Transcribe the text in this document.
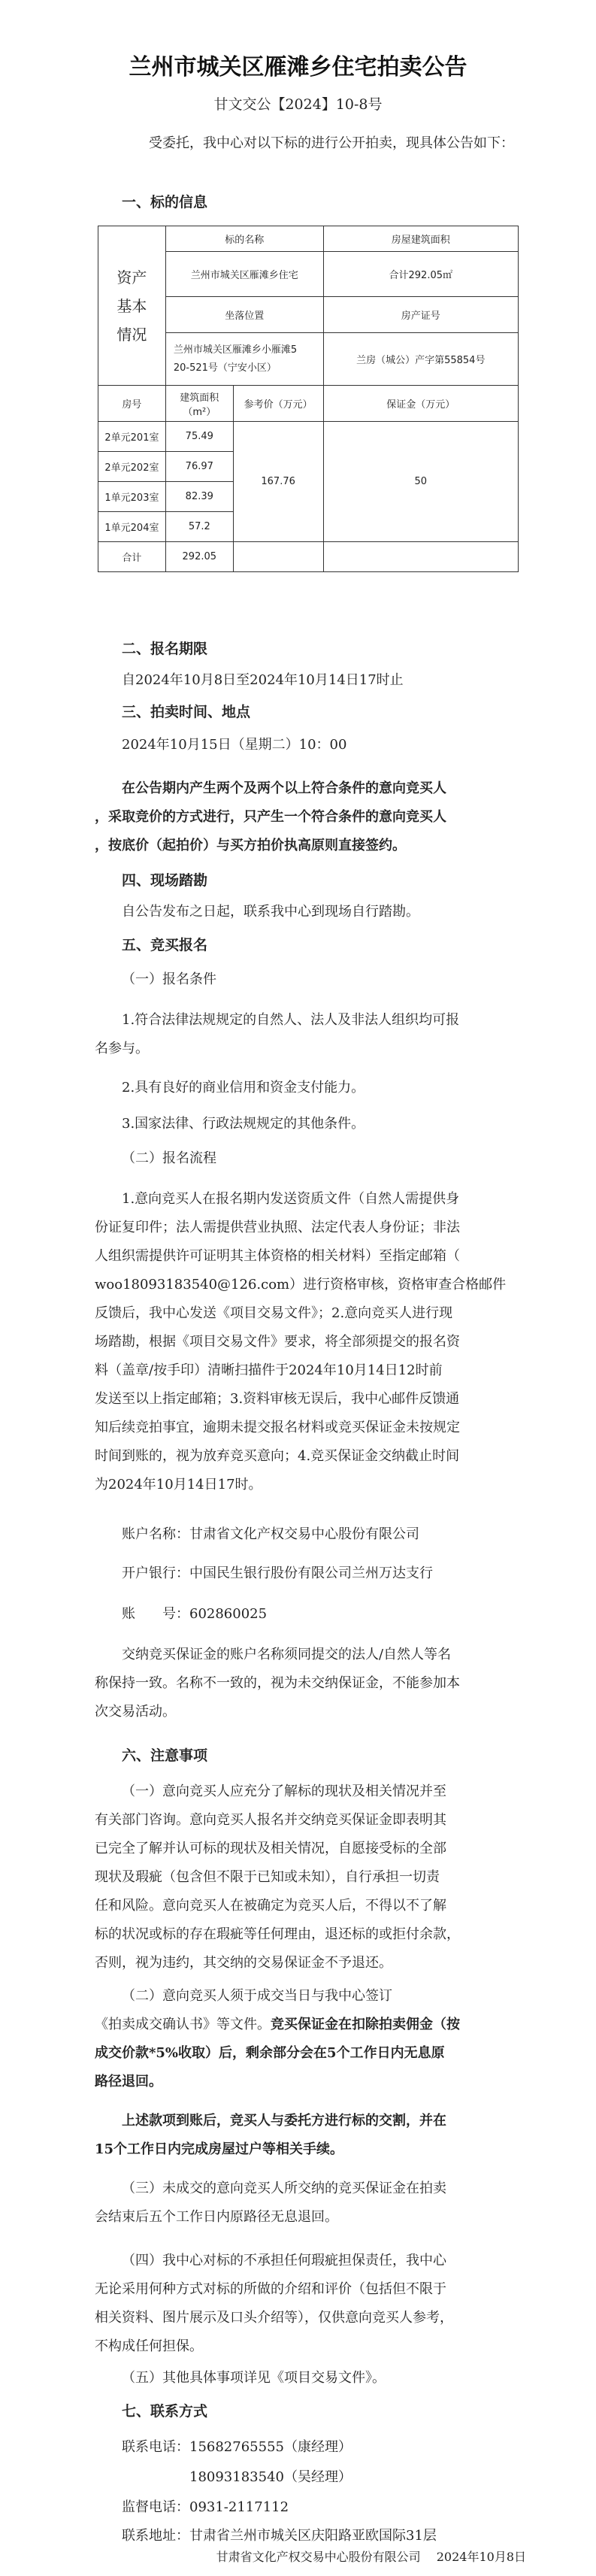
兰州市城关区雁滩乡住宅拍卖公告
甘文交公【2024】10-8号
受委托，我中心对以下标的进行公开拍卖，现具体公告如下：
一、标的信息
资产
基本
情况	标的名称		房屋建筑面积
	兰州市城关区雁滩乡住宅		合计292.05㎡
	坐落位置		房产证号
	兰州市城关区雁滩乡小雁滩5 20-521号（宁安小区）		兰房（城公）产字第55854号
房号	建筑面积（m²）	参考价（万元）	保证金（万元）
2单元201室	75.49	167.76	50
2单元202室	76.97		
1单元203室	82.39		
1单元204室	57.2		
合计	292.05		
二、报名期限
自2024年10月8日至2024年10月14日17时止
三、拍卖时间、地点
2024年10月15日（星期二）10：00
在公告期内产生两个及两个以上符合条件的意向竞买人
，采取竞价的方式进行，只产生一个符合条件的意向竞买人
，按底价（起拍价）与买方拍价执高原则直接签约。
四、现场踏勘
自公告发布之日起，联系我中心到现场自行踏勘。
五、竞买报名
（一）报名条件
1.符合法律法规规定的自然人、法人及非法人组织均可报
名参与。
2.具有良好的商业信用和资金支付能力。
3.国家法律、行政法规规定的其他条件。
（二）报名流程
1.意向竞买人在报名期内发送资质文件（自然人需提供身
份证复印件；法人需提供营业执照、法定代表人身份证；非法
人组织需提供许可证明其主体资格的相关材料）至指定邮箱（
woo18093183540@126.com）进行资格审核，资格审查合格邮件
反馈后，我中心发送《项目交易文件》；2.意向竞买人进行现
场踏勘，根据《项目交易文件》要求，将全部须提交的报名资
料（盖章/按手印）清晰扫描件于2024年10月14日12时前
发送至以上指定邮箱；3.资料审核无误后，我中心邮件反馈通
知后续竞拍事宜，逾期未提交报名材料或竞买保证金未按规定
时间到账的，视为放弃竞买意向；4.竞买保证金交纳截止时间
为2024年10月14日17时。
账户名称：甘肃省文化产权交易中心股份有限公司
开户银行：中国民生银行股份有限公司兰州万达支行
账　　号：602860025
交纳竞买保证金的账户名称须同提交的法人/自然人等名
称保持一致。名称不一致的，视为未交纳保证金，不能参加本
次交易活动。
六、注意事项
（一）意向竞买人应充分了解标的现状及相关情况并至
有关部门咨询。意向竞买人报名并交纳竞买保证金即表明其
已完全了解并认可标的现状及相关情况，自愿接受标的全部
现状及瑕疵（包含但不限于已知或未知），自行承担一切责
任和风险。意向竞买人在被确定为竞买人后，不得以不了解
标的状况或标的存在瑕疵等任何理由，退还标的或拒付余款，
否则，视为违约，其交纳的交易保证金不予退还。
（二）意向竞买人须于成交当日与我中心签订
《拍卖成交确认书》等文件。竞买保证金在扣除拍卖佣金（按
成交价款*5%收取）后，剩余部分会在5个工作日内无息原
路径退回。
上述款项到账后，竞买人与委托方进行标的交割，并在
15个工作日内完成房屋过户等相关手续。
（三）未成交的意向竞买人所交纳的竞买保证金在拍卖
会结束后五个工作日内原路径无息退回。
（四）我中心对标的不承担任何瑕疵担保责任，我中心
无论采用何种方式对标的所做的介绍和评价（包括但不限于
相关资料、图片展示及口头介绍等），仅供意向竞买人参考，
不构成任何担保。
（五）其他具体事项详见《项目交易文件》。
七、联系方式
联系电话：15682765555（康经理）
18093183540（吴经理）
监督电话：0931-2117112
联系地址：甘肃省兰州市城关区庆阳路亚欧国际31层
甘肃省文化产权交易中心股份有限公司 2024年10月8日
